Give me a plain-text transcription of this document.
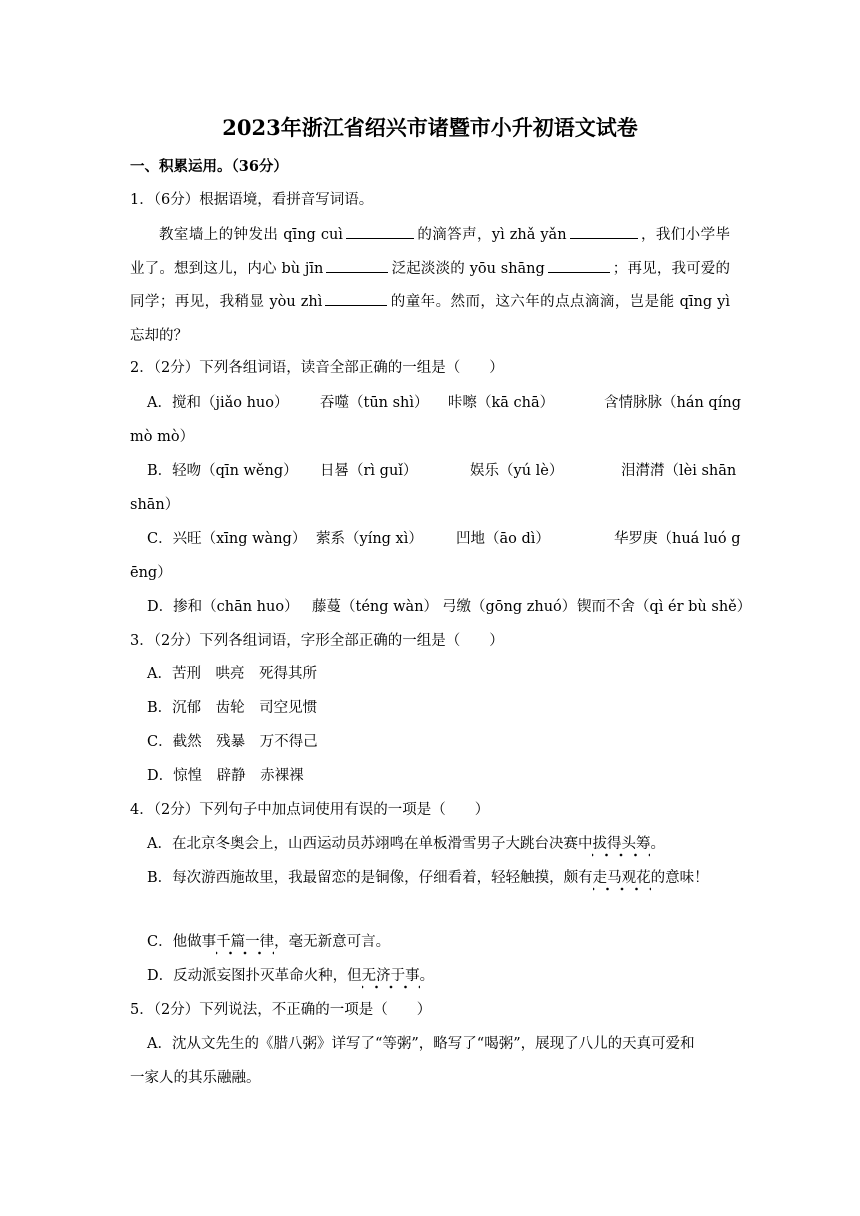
2023年浙江省绍兴市诸暨市小升初语文试卷
一、积累运用。（36分）
1．（6分）根据语境，看拼音写词语。
教室墙上的钟发出 qīng cuì	的滴答声，yì zhǎ yǎn	，我们小学毕业了。想到这儿，内心 bù jīn	泛起淡淡的 yōu shāng	；再见，我可爱的同学；再见，我稍显 yòu zhì	的童年。然而，这六年的点点滴滴，岂是能 qīng yì忘却的？
2．（2分）下列各组词语，读音全部正确的一组是（　　）
A．搅和（jiǎo huo） 吞噬（tūn shì） 咔嚓（kā chā）	含情脉脉（hán qíng
mò mò）
B．轻吻（qīn wěng） 日晷（rì guǐ）	娱乐（yú lè）	泪潸潸（lèi shān
shān）
C．兴旺（xīng wàng） 萦系（yíng xì） 凹地（āo dì）	华罗庚（huá luó g
ēng）
D．掺和（chān huo） 藤蔓（téng wàn） 弓缴（gōng zhuó） 锲而不舍（qì ér bù shě）
3．（2分）下列各组词语，字形全部正确的一组是（　　）
A．苦刑　哄亮　死得其所
B．沉郁　齿轮　司空见惯
C．截然　残暴　万不得己
D．惊惶　辟静　赤裸裸
4．（2分）下列句子中加点词使用有误的一项是（　　）
A．在北京冬奥会上，山西运动员苏翊鸣在单板滑雪男子大跳台决赛中拔得头筹。
B．每次游西施故里，我最留恋的是铜像，仔细看着，轻轻触摸，颇有走马观花的意味！
C．他做事千篇一律，毫无新意可言。
D．反动派妄图扑灭革命火种，但无济于事。
5．（2分）下列说法，不正确的一项是（　　）
A．沈从文先生的《腊八粥》详写了“等粥”，略写了“喝粥”，展现了八儿的天真可爱和
一家人的其乐融融。
